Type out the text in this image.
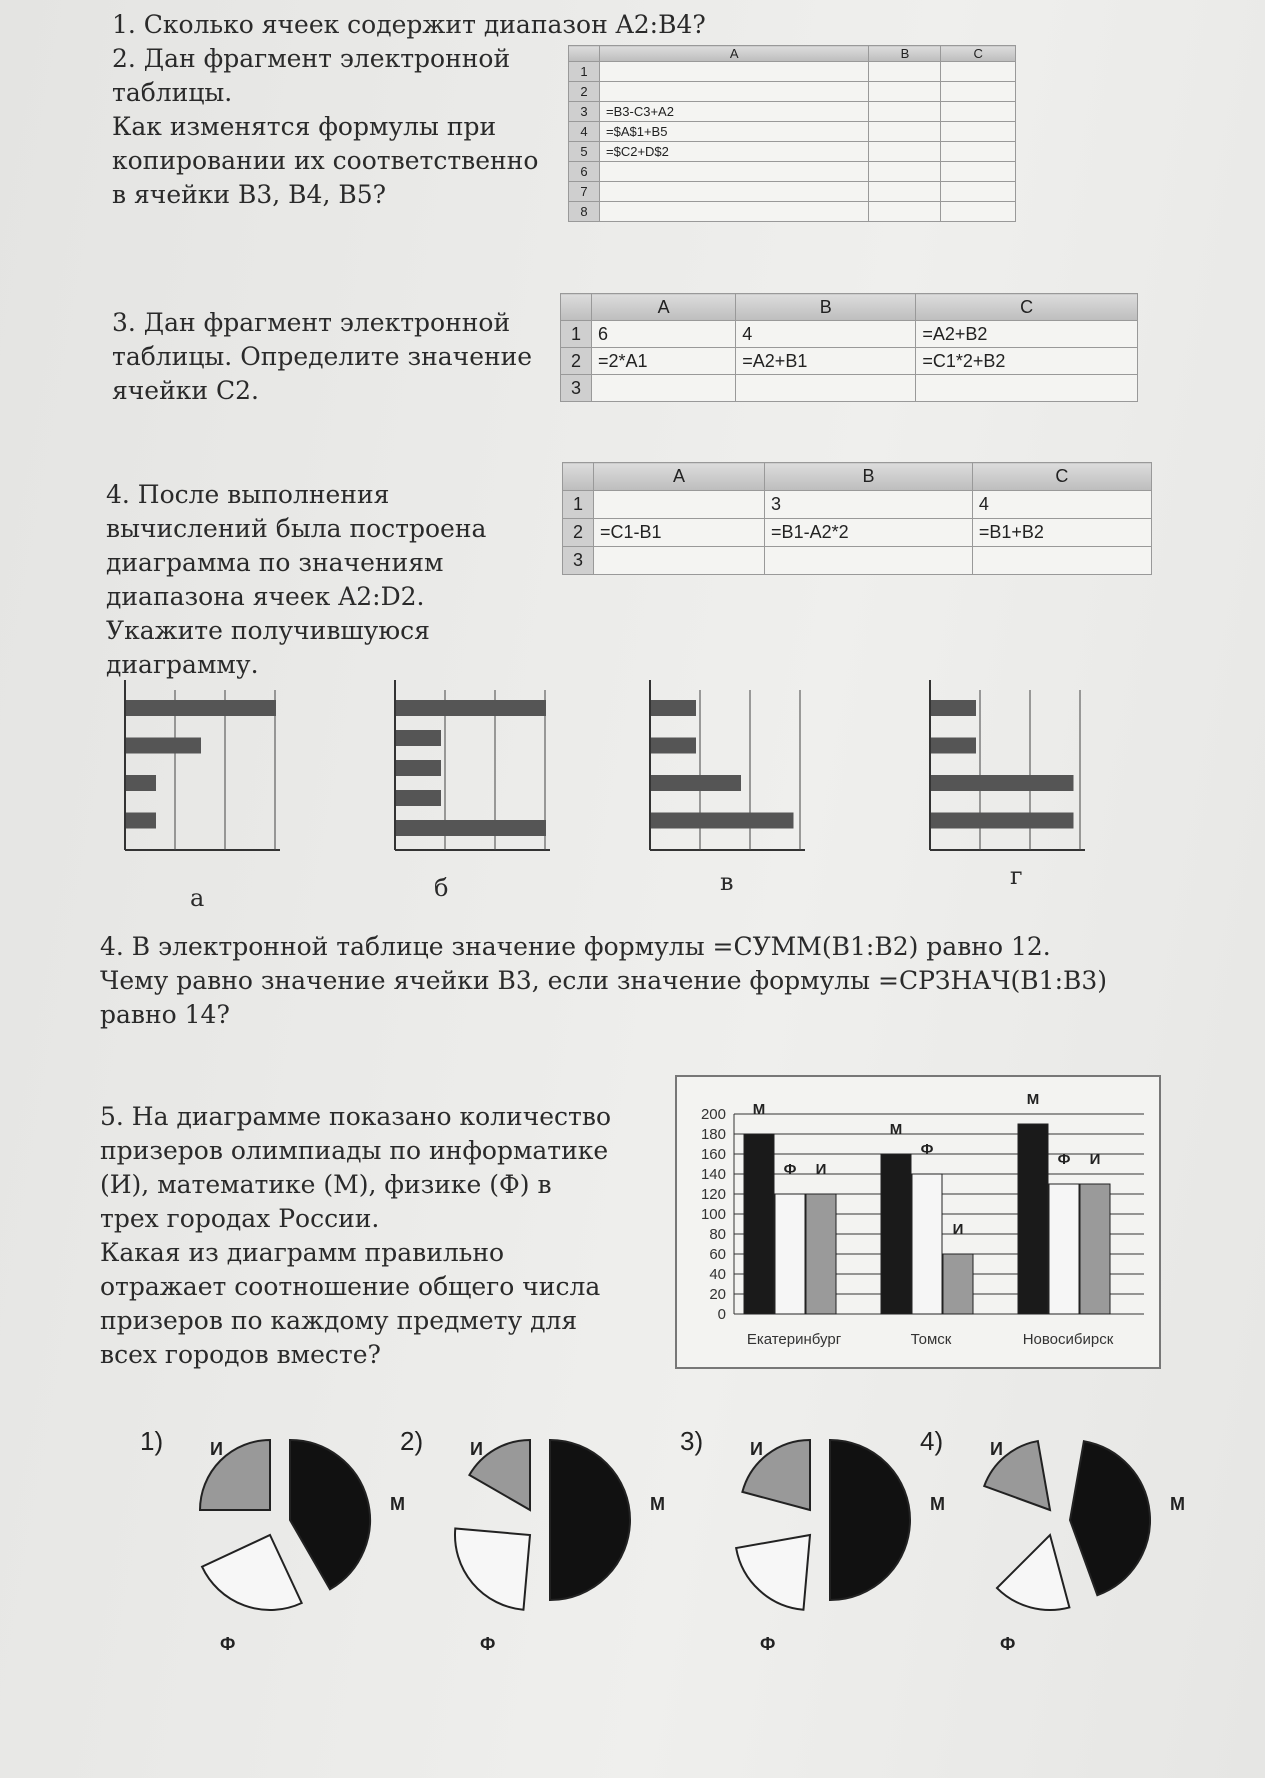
1. Сколько ячеек содержит диапазон A2:B4?
2. Дан фрагмент электронной
таблицы.
Как изменятся формулы при
копировании их соответственно
в ячейки B3, B4, B5?
	A	B	C
1			
2			
3	=B3-C3+A2		
4	=$A$1+B5		
5	=$C2+D$2		
6			
7			
8			
3. Дан фрагмент электронной
таблицы. Определите значение
ячейки C2.
	A	B	C
1	6	4	=A2+B2
2	=2*A1	=A2+B1	=C1*2+B2
3			
4. После выполнения
вычислений была построена
диаграмма по значениям
диапазона ячеек A2:D2.
Укажите получившуюся
диаграмму.
	A	B	C
1		3	4
2	=C1-B1	=B1-A2*2	=B1+B2
3			
а	б	в	г
4. В электронной таблице значение формулы =СУММ(B1:B2) равно 12.
Чему равно значение ячейки B3, если значение формулы =СРЗНАЧ(B1:B3)
равно 14?
5. На диаграмме показано количество
призеров олимпиады по информатике
(И), математике (М), физике (Ф) в
трех городах России.
Какая из диаграмм правильно
отражает соотношение общего числа
призеров по каждому предмету для
всех городов вместе?
0
20
40
60
80
100
120
140
160
180
200 М
Ф И
Екатеринбург
М
Ф
И
Томск
М
Ф И
Новосибирск
1)	И
М
Ф
2)	И
М
Ф
3)	И
М
Ф
4)	И
М
Ф
